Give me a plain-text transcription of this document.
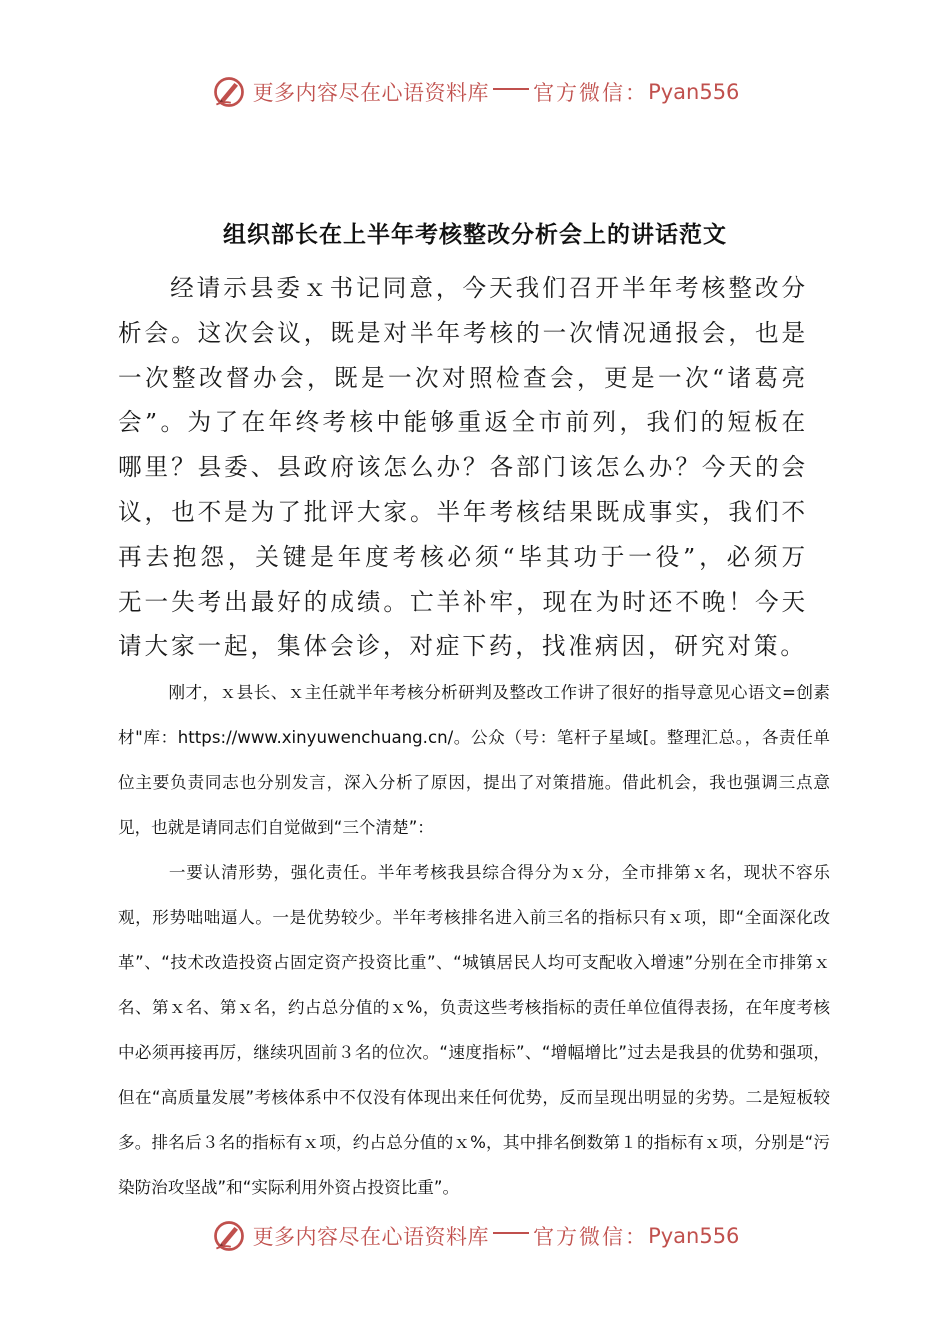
更多内容尽在心语资料库 官方微信： Pyan556
组织部长在上半年考核整改分析会上的讲话范文
经请示县委ｘ书记同意，今天我们召开半年考核整改分析会。这次会议，既是对半年考核的一次情况通报会，也是一次整改督办会，既是一次对照检查会，更是一次“诸葛亮会”。为了在年终考核中能够重返全市前列，我们的短板在哪里？县委、县政府该怎么办？各部门该怎么办？今天的会议，也不是为了批评大家。半年考核结果既成事实，我们不再去抱怨，关键是年度考核必须“毕其功于一役”，必须万无一失考出最好的成绩。亡羊补牢，现在为时还不晚！今天请大家一起，集体会诊，对症下药，找准病因，研究对策。
刚才，ｘ县长、ｘ主任就半年考核分析研判及整改工作讲了很好的指导意见心语文=创素材"库：https://www.xinyuwenchuang.cn/。公众（号：笔杆子星域[。整理汇总。，各责任单位主要负责同志也分别发言，深入分析了原因，提出了对策措施。借此机会，我也强调三点意见，也就是请同志们自觉做到“三个清楚”：
一要认清形势，强化责任。半年考核我县综合得分为ｘ分，全市排第ｘ名，现状不容乐观，形势咄咄逼人。一是优势较少。半年考核排名进入前三名的指标只有ｘ项，即“全面深化改革”、“技术改造投资占固定资产投资比重”、“城镇居民人均可支配收入增速”分别在全市排第ｘ名、第ｘ名、第ｘ名，约占总分值的ｘ%，负责这些考核指标的责任单位值得表扬，在年度考核中必须再接再厉，继续巩固前３名的位次。“速度指标”、“增幅增比”过去是我县的优势和强项，但在“高质量发展”考核体系中不仅没有体现出来任何优势，反而呈现出明显的劣势。二是短板较多。排名后３名的指标有ｘ项，约占总分值的ｘ%，其中排名倒数第１的指标有ｘ项，分别是“污染防治攻坚战”和“实际利用外资占投资比重”。
更多内容尽在心语资料库 官方微信： Pyan556
